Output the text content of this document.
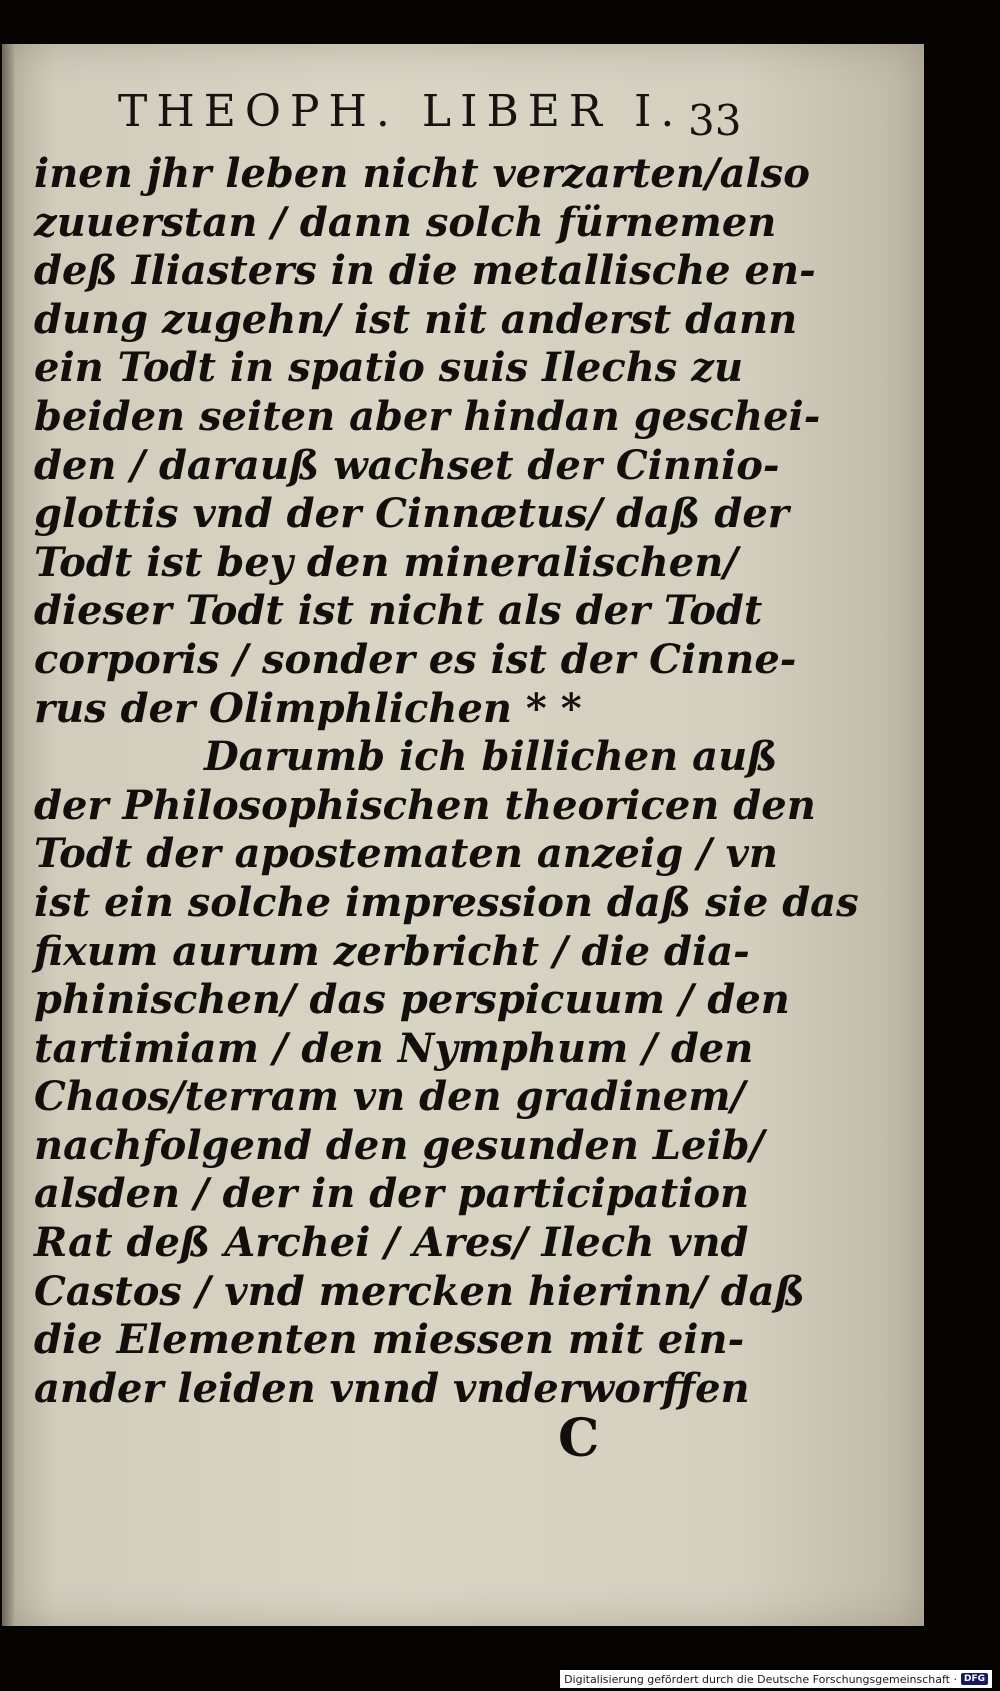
THEOPH. LIBER I. 33
inen jhr leben nicht verzarten/also
zuuerstan / dann solch fürnemen
deß Iliasters in die metallische en-
dung zugehn/ ist nit anderst dann
ein Todt in spatio suis Ilechs zu
beiden seiten aber hindan geschei-
den / darauß wachset der Cinnio-
glottis vnd der Cinnætus/ daß der
Todt ist bey den mineralischen/
dieser Todt ist nicht als der Todt
corporis / sonder es ist der Cinne-
rus der Olimphlichen * *
Darumb ich billichen auß
der Philosophischen theoricen den
Todt der apostematen anzeig / vn
ist ein solche impression daß sie das
fixum aurum zerbricht / die dia-
phinischen/ das perspicuum / den
tartimiam / den Nymphum / den
Chaos/terram vn den gradinem/
nachfolgend den gesunden Leib/
alsden / der in der participation
Rat deß Archei / Ares/ Ilech vnd
Castos / vnd mercken hierinn/ daß
die Elementen miessen mit ein-
ander leiden vnnd vnderworffen
C
Digitalisierung gefördert durch die Deutsche Forschungsgemeinschaft · DFG
